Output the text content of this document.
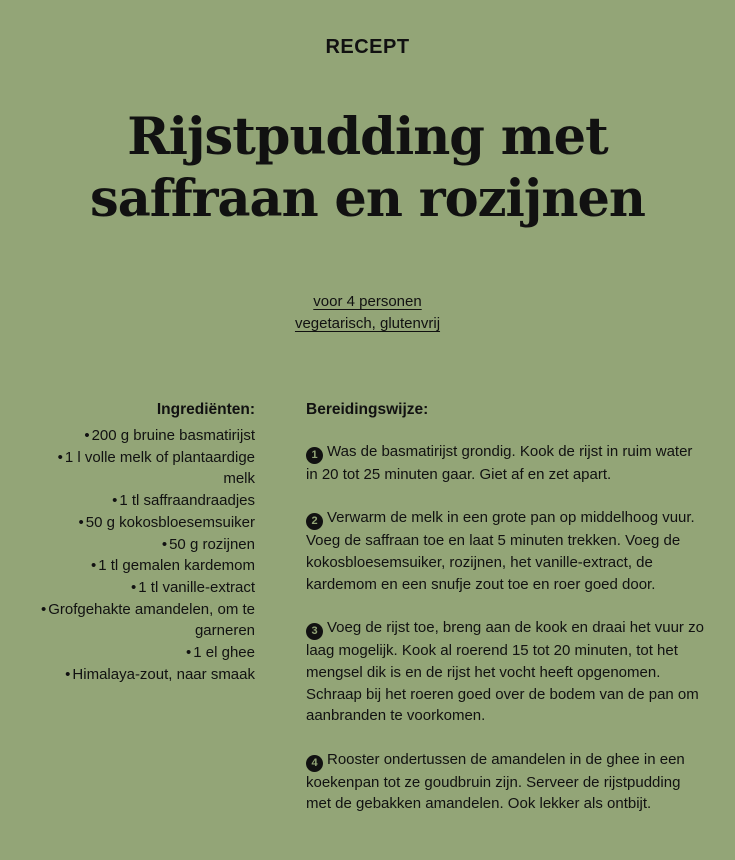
RECEPT
Rijstpudding met saffraan en rozijnen
voor 4 personen
vegetarisch, glutenvrij
Ingrediënten:
• 200 g bruine basmatirijst
• 1 l volle melk of plantaardige melk
• 1 tl saffraandraadjes
• 50 g kokosbloesemsuiker
• 50 g rozijnen
• 1 tl gemalen kardemom
• 1 tl vanille-extract
• Grofgehakte amandelen, om te garneren
• 1 el ghee
• Himalaya-zout, naar smaak
Bereidingswijze:
1 Was de basmatirijst grondig. Kook de rijst in ruim water in 20 tot 25 minuten gaar. Giet af en zet apart.
2 Verwarm de melk in een grote pan op middelhoog vuur. Voeg de saffraan toe en laat 5 minuten trekken. Voeg de kokosbloesemsuiker, rozijnen, het vanille-extract, de kardemom en een snufje zout toe en roer goed door.
3 Voeg de rijst toe, breng aan de kook en draai het vuur zo laag mogelijk. Kook al roerend 15 tot 20 minuten, tot het mengsel dik is en de rijst het vocht heeft opgenomen. Schraap bij het roeren goed over de bodem van de pan om aanbranden te voorkomen.
4 Rooster ondertussen de amandelen in de ghee in een koekenpan tot ze goudbruin zijn. Serveer de rijstpudding met de gebakken amandelen. Ook lekker als ontbijt.
